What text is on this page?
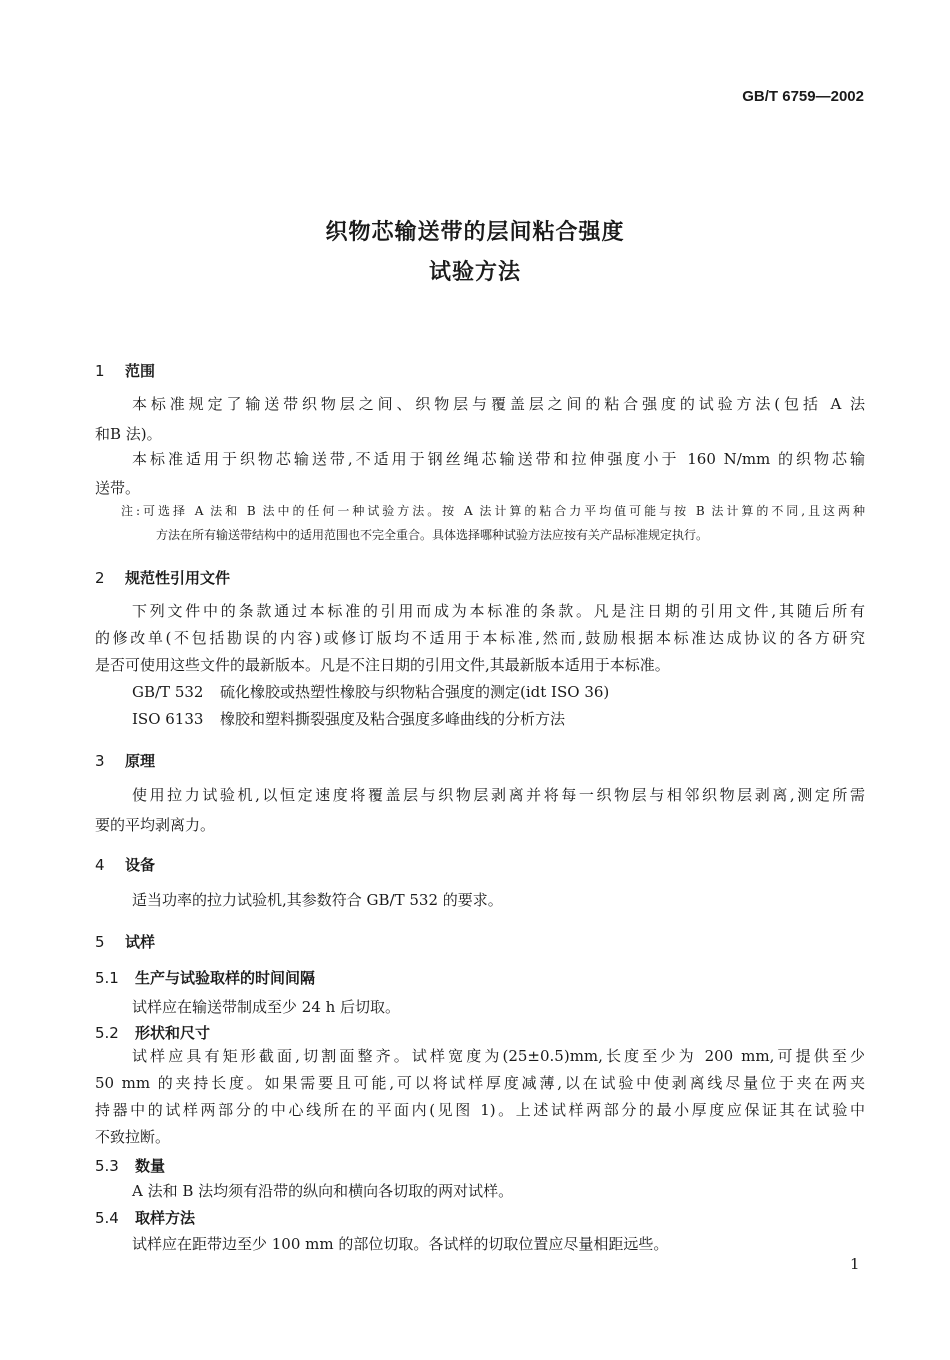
GB/T 6759—2002
织物芯输送带的层间粘合强度
试验方法
1 范围
本标准规定了输送带织物层之间、织物层与覆盖层之间的粘合强度的试验方法(包括 A 法
和B 法)。
本标准适用于织物芯输送带,不适用于钢丝绳芯输送带和拉伸强度小于 160 N/mm 的织物芯输
送带。
注:可选择 A 法和 B 法中的任何一种试验方法。按 A 法计算的粘合力平均值可能与按 B 法计算的不同,且这两种
方法在所有输送带结构中的适用范围也不完全重合。具体选择哪种试验方法应按有关产品标准规定执行。
2 规范性引用文件
下列文件中的条款通过本标准的引用而成为本标准的条款。凡是注日期的引用文件,其随后所有
的修改单(不包括勘误的内容)或修订版均不适用于本标准,然而,鼓励根据本标准达成协议的各方研究
是否可使用这些文件的最新版本。凡是不注日期的引用文件,其最新版本适用于本标准。
GB/T 532 硫化橡胶或热塑性橡胶与织物粘合强度的测定(idt ISO 36)
ISO 6133 橡胶和塑料撕裂强度及粘合强度多峰曲线的分析方法
3 原理
使用拉力试验机,以恒定速度将覆盖层与织物层剥离并将每一织物层与相邻织物层剥离,测定所需
要的平均剥离力。
4 设备
适当功率的拉力试验机,其参数符合 GB/T 532 的要求。
5 试样
5.1 生产与试验取样的时间间隔
试样应在输送带制成至少 24 h 后切取。
5.2 形状和尺寸
试样应具有矩形截面,切割面整齐。试样宽度为(25±0.5)mm,长度至少为 200 mm,可提供至少
50 mm 的夹持长度。如果需要且可能,可以将试样厚度减薄,以在试验中使剥离线尽量位于夹在两夹
持器中的试样两部分的中心线所在的平面内(见图 1)。上述试样两部分的最小厚度应保证其在试验中
不致拉断。
5.3 数量
A 法和 B 法均须有沿带的纵向和横向各切取的两对试样。
5.4 取样方法
试样应在距带边至少 100 mm 的部位切取。各试样的切取位置应尽量相距远些。
1
